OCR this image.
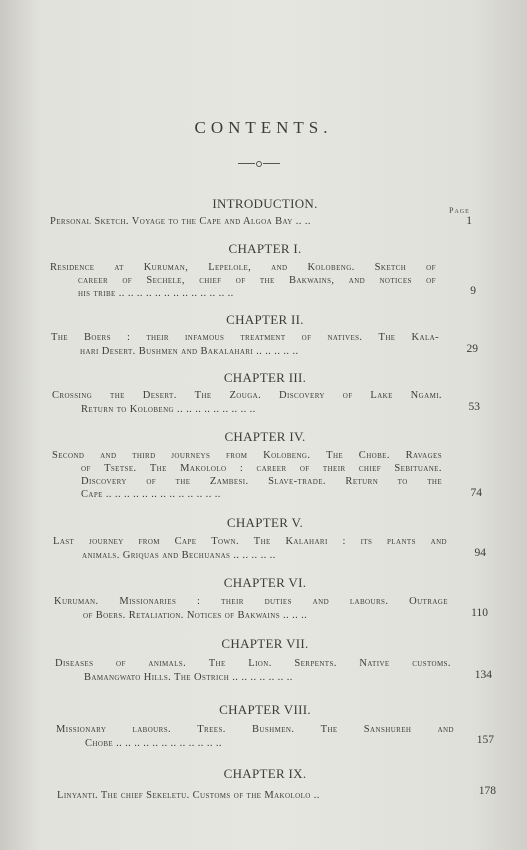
CONTENTS.
INTRODUCTION.	Page
Personal Sketch. Voyage to the Cape and Algoa Bay .. ..	1
CHAPTER I.
Residence at Kuruman, Lepelole, and Kolobeng. Sketch of
career of Sechele, chief of the Bakwains, and notices of
his tribe .. .. .. .. .. .. .. .. .. .. .. .. ..	9
CHAPTER II.
The Boers : their infamous treatment of natives. The Kala-
hari Desert. Bushmen and Bakalahari .. .. .. .. ..	29
CHAPTER III.
Crossing the Desert. The Zouga. Discovery of Lake Ngami.
Return to Kolobeng .. .. .. .. .. .. .. .. ..	53
CHAPTER IV.
Second and third journeys from Kolobeng. The Chobe. Ravages
of Tsetse. The Makololo : career of their chief Sebituane.
Discovery of the Zambesi. Slave-trade. Return to the
Cape .. .. .. .. .. .. .. .. .. .. .. .. ..	74
CHAPTER V.
Last journey from Cape Town. The Kalahari : its plants and
animals. Griquas and Bechuanas .. .. .. .. ..	94
CHAPTER VI.
Kuruman. Missionaries : their duties and labours. Outrage
of Boers. Retaliation. Notices of Bakwains .. .. ..	110
CHAPTER VII.
Diseases of animals. The Lion. Serpents. Native customs.
Bamangwato Hills. The Ostrich .. .. .. .. .. .. ..	134
CHAPTER VIII.
Missionary labours. Trees. Bushmen. The Sanshureh and
Chobe .. .. .. .. .. .. .. .. .. .. .. ..	157
CHAPTER IX.
Linyanti. The chief Sekeletu. Customs of the Makololo ..	178
